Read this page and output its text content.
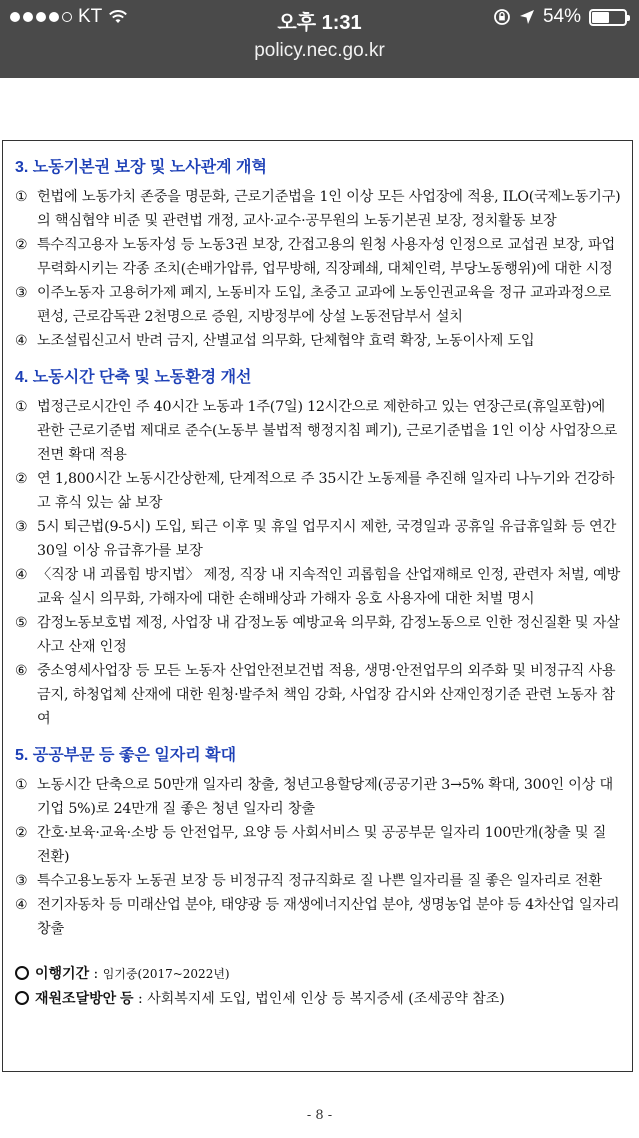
KT	오후 1:31	54%
policy.nec.go.kr
3. 노동기본권 보장 및 노사관계 개혁
① 헌법에 노동가치 존중을 명문화, 근로기준법을 1인 이상 모든 사업장에 적용, ILO(국제노동기구)의 핵심협약 비준 및 관련법 개정, 교사·교수·공무원의 노동기본권 보장, 정치활동 보장
② 특수직고용자 노동자성 등 노동3권 보장, 간접고용의 원청 사용자성 인정으로 교섭권 보장, 파업 무력화시키는 각종 조치(손배가압류, 업무방해, 직장폐쇄, 대체인력, 부당노동행위)에 대한 시정
③ 이주노동자 고용허가제 폐지, 노동비자 도입, 초중고 교과에 노동인권교육을 정규 교과과정으로 편성, 근로감독관 2천명으로 증원, 지방정부에 상설 노동전담부서 설치
④ 노조설립신고서 반려 금지, 산별교섭 의무화, 단체협약 효력 확장, 노동이사제 도입
4. 노동시간 단축 및 노동환경 개선
① 법정근로시간인 주 40시간 노동과 1주(7일) 12시간으로 제한하고 있는 연장근로(휴일포함)에 관한 근로기준법 제대로 준수(노동부 불법적 행정지침 폐기), 근로기준법을 1인 이상 사업장으로 전면 확대 적용
② 연 1,800시간 노동시간상한제, 단계적으로 주 35시간 노동제를 추진해 일자리 나누기와 건강하고 휴식 있는 삶 보장
③ 5시 퇴근법(9-5시) 도입, 퇴근 이후 및 휴일 업무지시 제한, 국경일과 공휴일 유급휴일화 등 연간 30일 이상 유급휴가를 보장
④ 〈직장 내 괴롭힘 방지법〉 제정, 직장 내 지속적인 괴롭힘을 산업재해로 인정, 관련자 처벌, 예방 교육 실시 의무화, 가해자에 대한 손해배상과 가해자 옹호 사용자에 대한 처벌 명시
⑤ 감정노동보호법 제정, 사업장 내 감정노동 예방교육 의무화, 감정노동으로 인한 정신질환 및 자살 사고 산재 인정
⑥ 중소영세사업장 등 모든 노동자 산업안전보건법 적용, 생명·안전업무의 외주화 및 비정규직 사용 금지, 하청업체 산재에 대한 원청·발주처 책임 강화, 사업장 감시와 산재인정기준 관련 노동자 참여
5. 공공부문 등 좋은 일자리 확대
① 노동시간 단축으로 50만개 일자리 창출, 청년고용할당제(공공기관 3→5% 확대, 300인 이상 대기업 5%)로 24만개 질 좋은 청년 일자리 창출
② 간호·보육·교육·소방 등 안전업무, 요양 등 사회서비스 및 공공부문 일자리 100만개(창출 및 질 전환)
③ 특수고용노동자 노동권 보장 등 비정규직 정규직화로 질 나쁜 일자리를 질 좋은 일자리로 전환
④ 전기자동차 등 미래산업 분야, 태양광 등 재생에너지산업 분야, 생명농업 분야 등 4차산업 일자리 창출
이행기간 : 임기중(2017~2022년)
재원조달방안 등 : 사회복지세 도입, 법인세 인상 등 복지증세 (조세공약 참조)
- 8 -
